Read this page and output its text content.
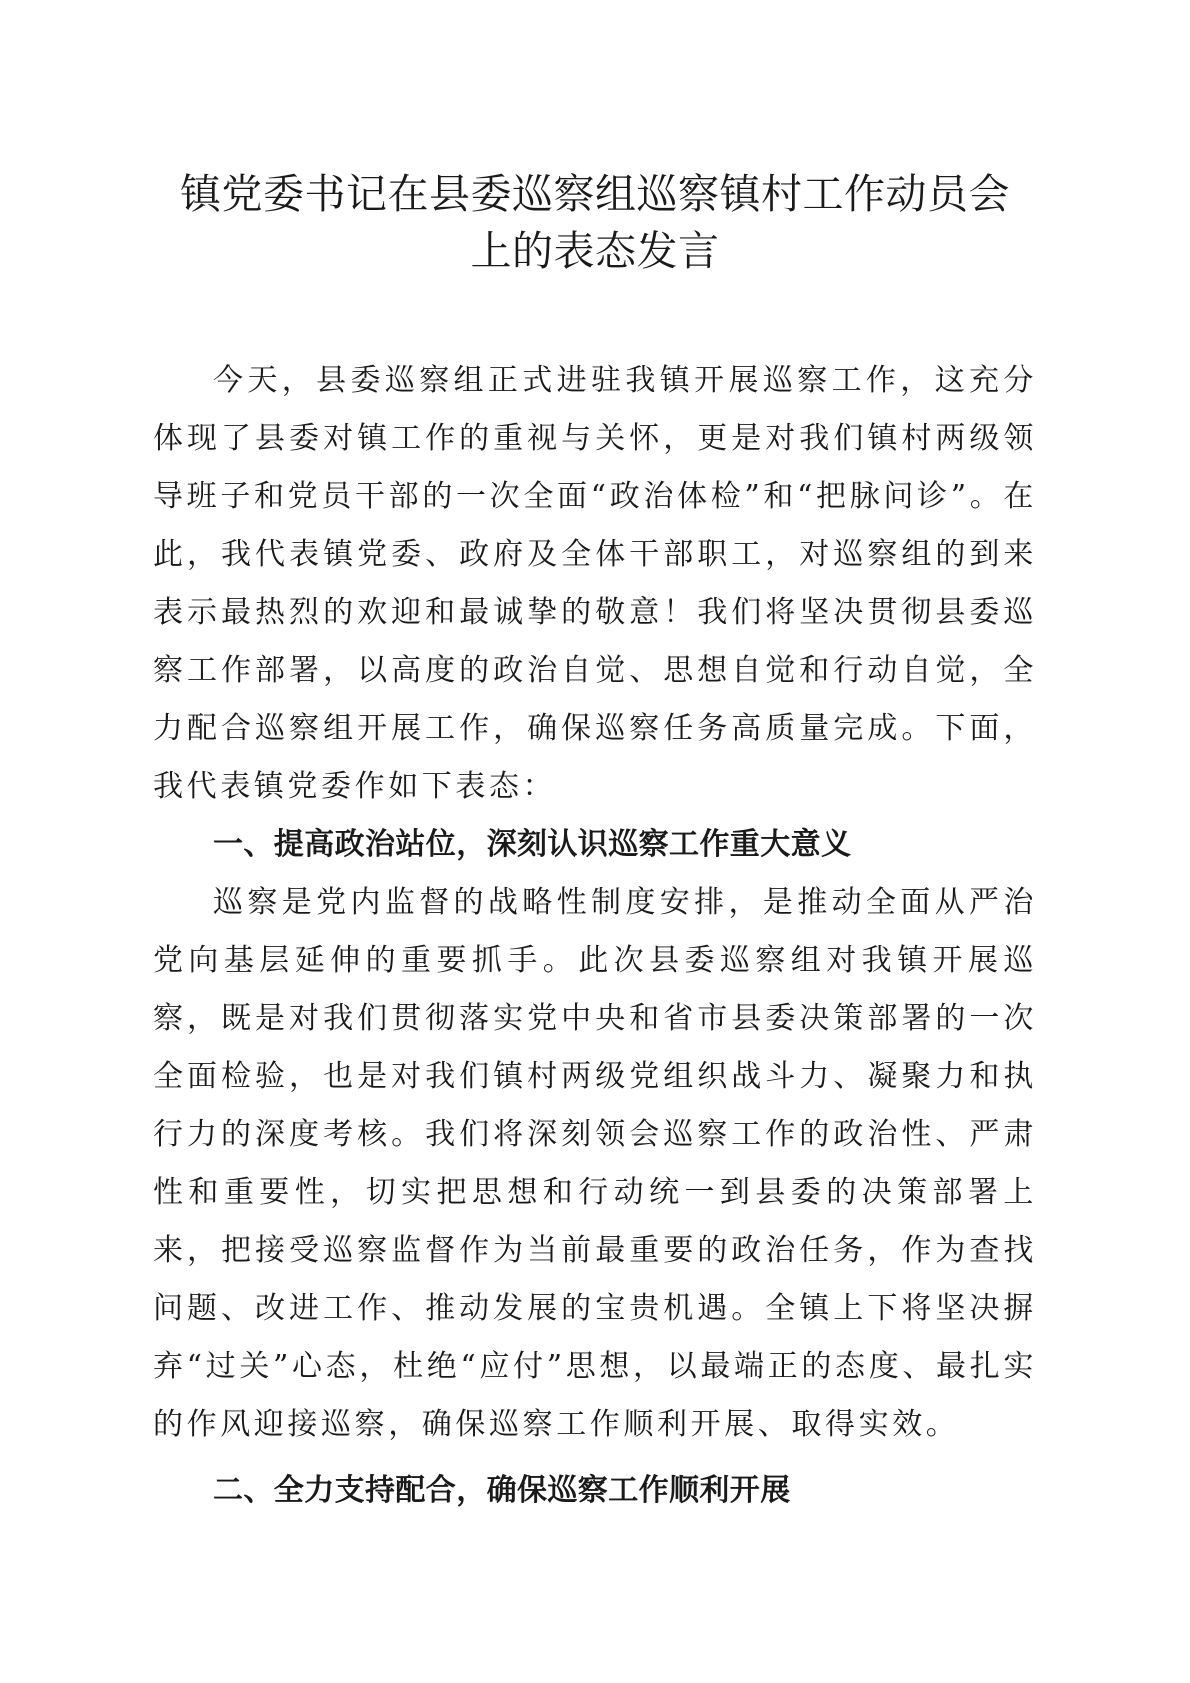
镇党委书记在县委巡察组巡察镇村工作动员会
上的表态发言

今天，县委巡察组正式进驻我镇开展巡察工作，这充分体现了县委对镇工作的重视与关怀，更是对我们镇村两级领导班子和党员干部的一次全面“政治体检”和“把脉问诊”。在此，我代表镇党委、政府及全体干部职工，对巡察组的到来表示最热烈的欢迎和最诚挚的敬意！我们将坚决贯彻县委巡察工作部署，以高度的政治自觉、思想自觉和行动自觉，全力配合巡察组开展工作，确保巡察任务高质量完成。下面，我代表镇党委作如下表态：

一、提高政治站位，深刻认识巡察工作重大意义

巡察是党内监督的战略性制度安排，是推动全面从严治党向基层延伸的重要抓手。此次县委巡察组对我镇开展巡察，既是对我们贯彻落实党中央和省市县委决策部署的一次全面检验，也是对我们镇村两级党组织战斗力、凝聚力和执行力的深度考核。我们将深刻领会巡察工作的政治性、严肃性和重要性，切实把思想和行动统一到县委的决策部署上来，把接受巡察监督作为当前最重要的政治任务，作为查找问题、改进工作、推动发展的宝贵机遇。全镇上下将坚决摒弃“过关”心态，杜绝“应付”思想，以最端正的态度、最扎实的作风迎接巡察，确保巡察工作顺利开展、取得实效。

二、全力支持配合，确保巡察工作顺利开展
